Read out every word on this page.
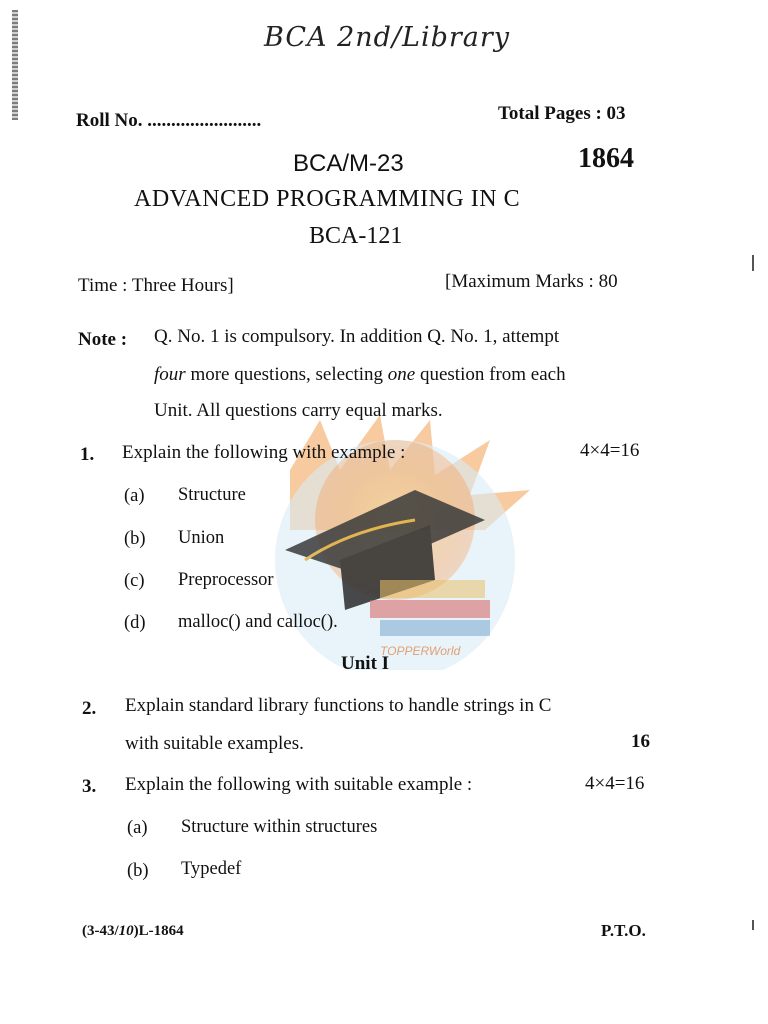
TOPPERWorld
BCA 2nd/Library
Roll No. ........................	Total Pages : 03
BCA/M-23	1864
ADVANCED PROGRAMMING IN C
BCA-121
Time : Three Hours]	[Maximum Marks : 80
Note : Q. No. 1 is compulsory. In addition Q. No. 1, attempt
four more questions, selecting one question from each
Unit. All questions carry equal marks.
1. Explain the following with example :	4×4=16
(a) Structure
(b) Union
(c) Preprocessor
(d) malloc() and calloc().
Unit I
2. Explain standard library functions to handle strings in C
with suitable examples.	16
3. Explain the following with suitable example :	4×4=16
(a) Structure within structures
(b) Typedef
(3-43/10)L-1864	P.T.O.
